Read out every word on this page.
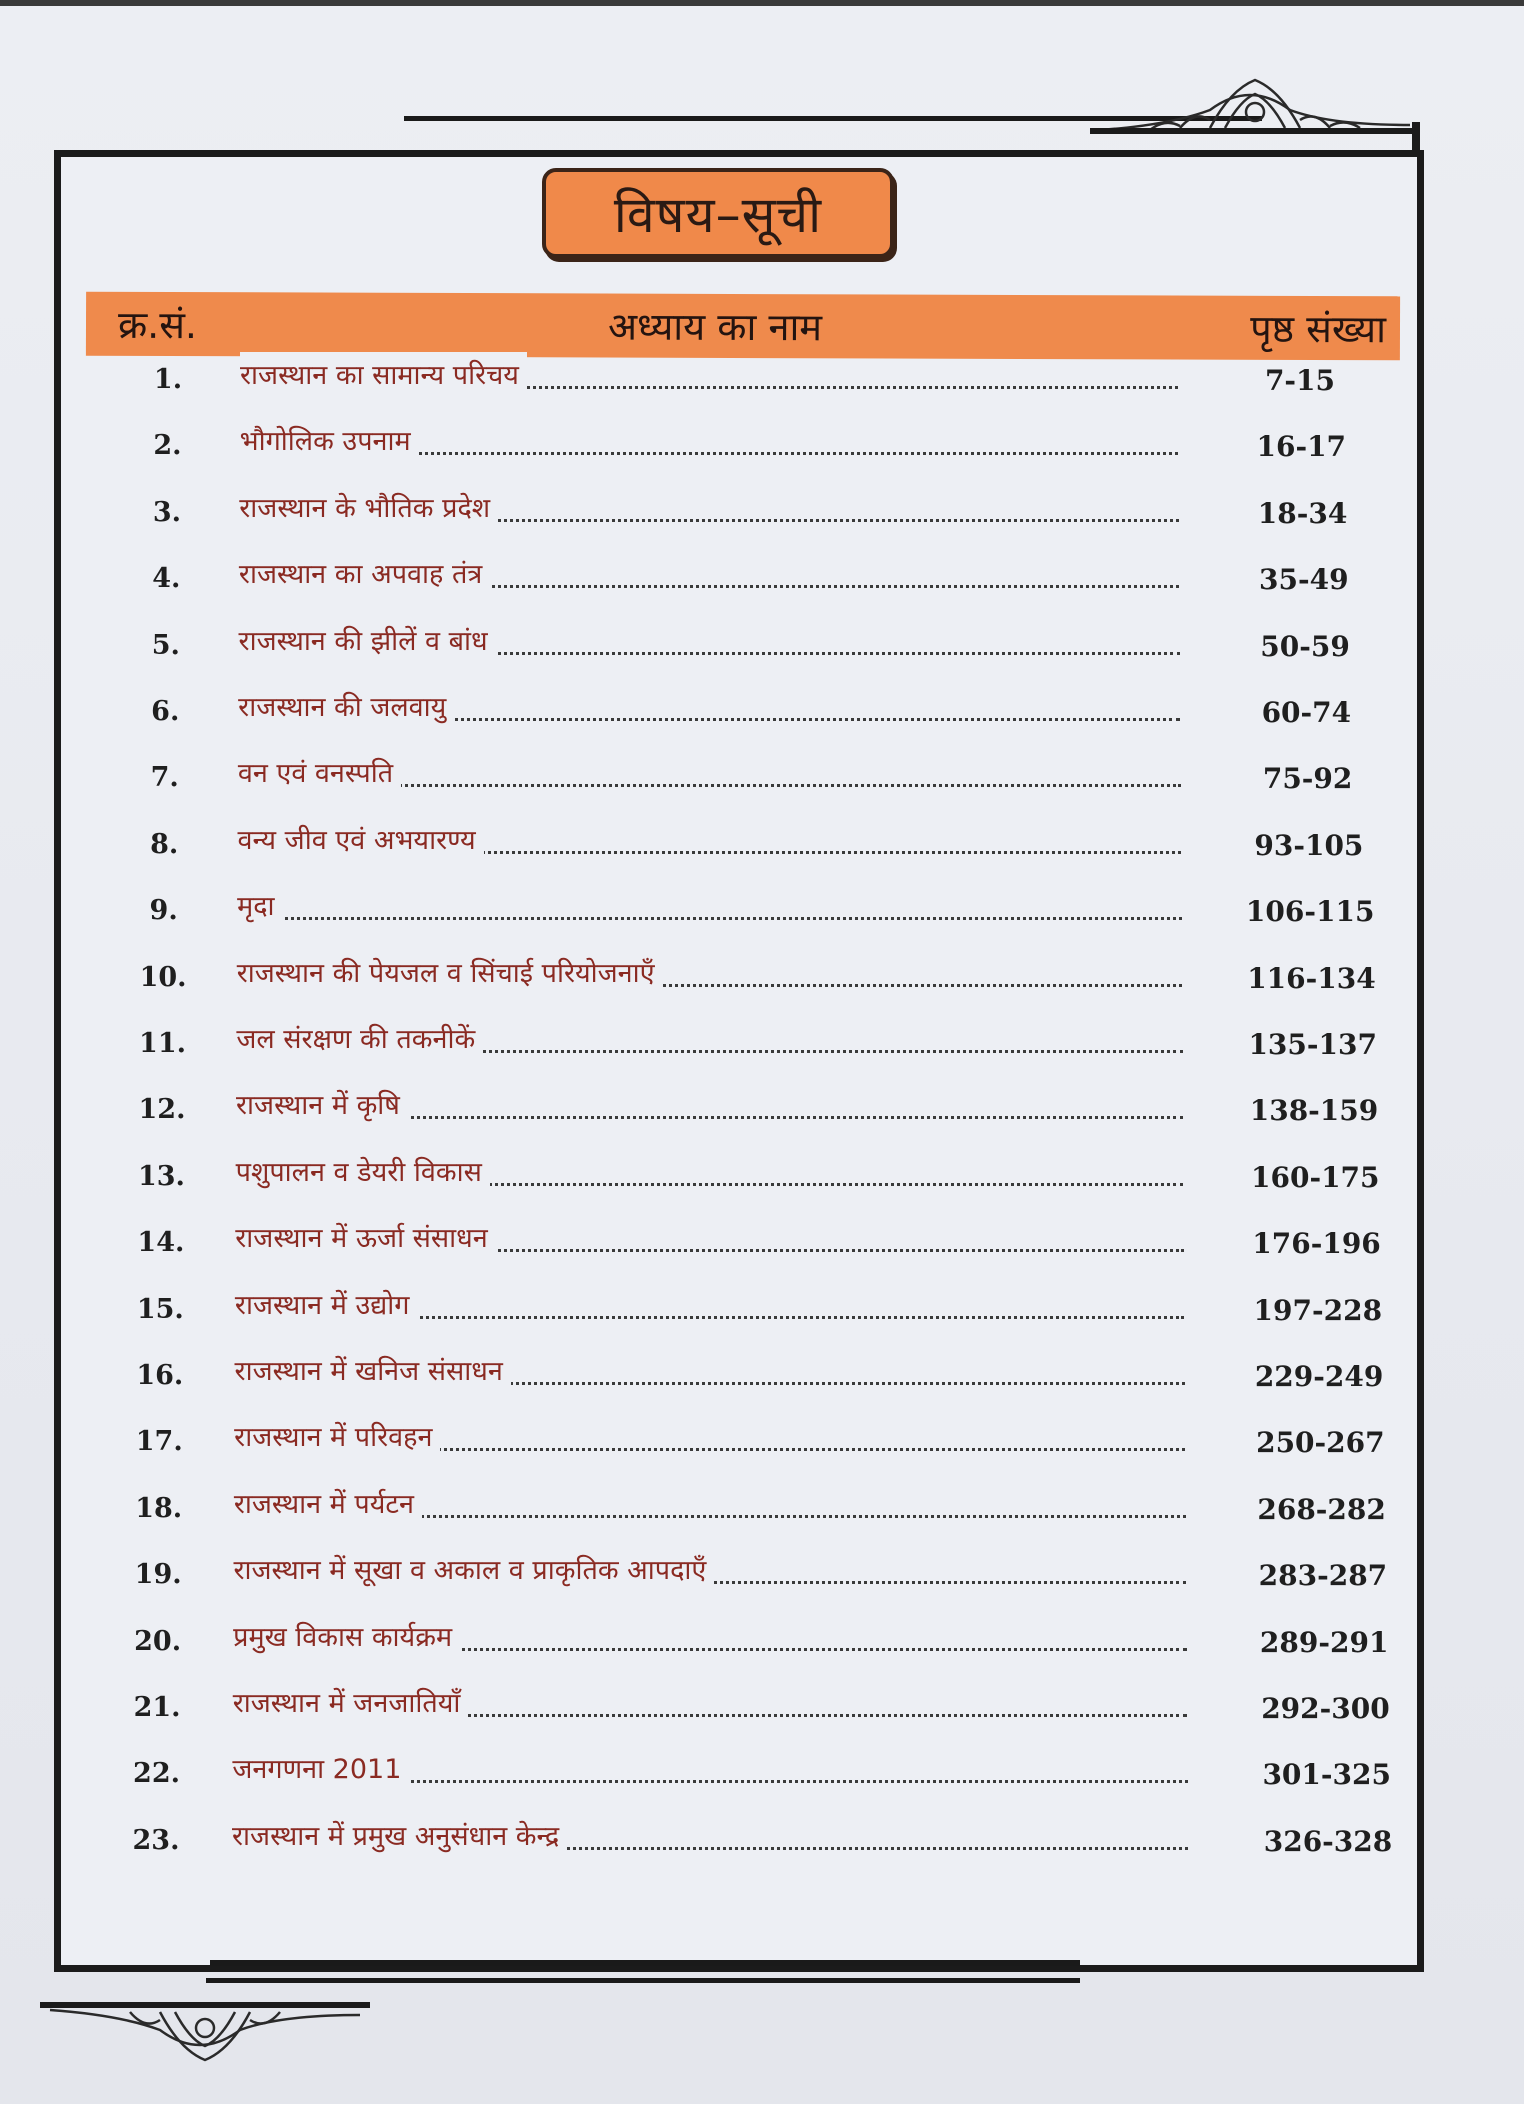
विषय–सूची
क्र.सं.	अध्याय का नाम	पृष्ठ संख्या
1.	राजस्थान का सामान्य परिचय	7-15
2.	भौगोलिक उपनाम	16-17
3.	राजस्थान के भौतिक प्रदेश	18-34
4.	राजस्थान का अपवाह तंत्र	35-49
5.	राजस्थान की झीलें व बांध	50-59
6.	राजस्थान की जलवायु	60-74
7.	वन एवं वनस्पति	75-92
8.	वन्य जीव एवं अभयारण्य	93-105
9.	मृदा	106-115
10.	राजस्थान की पेयजल व सिंचाई परियोजनाएँ	116-134
11.	जल संरक्षण की तकनीकें	135-137
12.	राजस्थान में कृषि	138-159
13.	पशुपालन व डेयरी विकास	160-175
14.	राजस्थान में ऊर्जा संसाधन	176-196
15.	राजस्थान में उद्योग	197-228
16.	राजस्थान में खनिज संसाधन	229-249
17.	राजस्थान में परिवहन	250-267
18.	राजस्थान में पर्यटन	268-282
19.	राजस्थान में सूखा व अकाल व प्राकृतिक आपदाएँ	283-287
20.	प्रमुख विकास कार्यक्रम	289-291
21.	राजस्थान में जनजातियाँ	292-300
22.	जनगणना 2011	301-325
23.	राजस्थान में प्रमुख अनुसंधान केन्द्र	326-328
